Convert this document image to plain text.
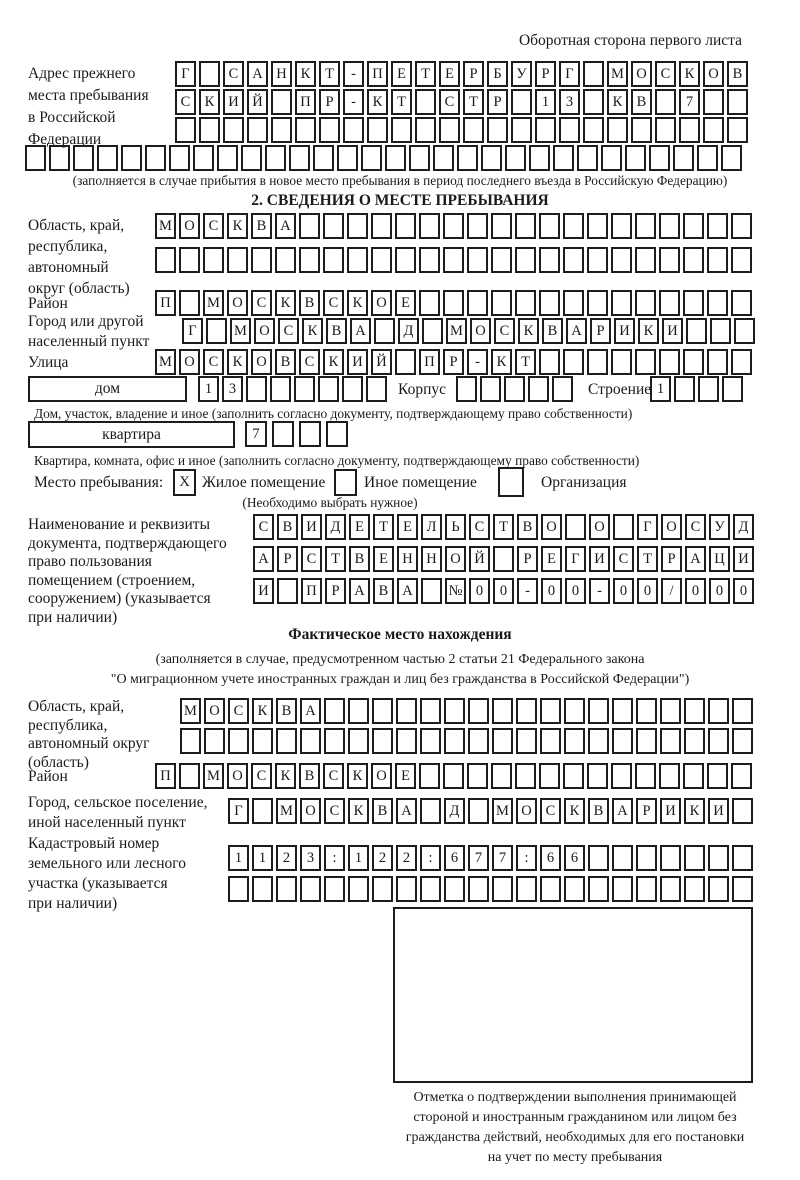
Оборотная сторона первого листа
Адрес прежнего
места пребывания
в Российской
Федерации
Г	С А Н К Т - П Е Т Е Р Б У Р Г	М О С К О В
С К И Й	П Р - К Т	С Т Р	1 3	К В	7
(заполняется в случае прибытия в новое место пребывания в период последнего въезда в Российскую Федерацию)
2. СВЕДЕНИЯ О МЕСТЕ ПРЕБЫВАНИЯ
Область, край,
республика,
автономный
округ (область)
М О С К В А
Район	П	М О С К В С К О Е
Город или другой
населенный пункт
Г	М О С К В А	Д	М О С К В А Р И К И
Улица	М О С К О В С К И Й	П Р - К Т
дом	1 3	Корпус	Строение 1
Дом, участок, владение и иное (заполнить согласно документу, подтверждающему право собственности)
квартира	7
Квартира, комната, офис и иное (заполнить согласно документу, подтверждающему право собственности)
Место пребывания:	X Жилое помещение Иное помещение	Организация
(Необходимо выбрать нужное)
Наименование и реквизиты
документа, подтверждающего
право пользования
помещением (строением,
сооружением) (указывается
при наличии)
С В И Д Е Т Е Л Ь С Т В О	О	Г О С У Д
А Р С Т В Е Н Н О Й	Р Е Г И С Т Р А Ц И
И	П Р А В А № 0 0 - 0 0 - 0 0 / 0 0 0
Фактическое место нахождения
(заполняется в случае, предусмотренном частью 2 статьи 21 Федерального закона
"О миграционном учете иностранных граждан и лиц без гражданства в Российской Федерации")
Область, край,
республика,
автономный округ
(область)
М О С К В А
Район	П	М О С К В С К О Е
Город, сельское поселение,
иной населенный пункт
Г	М О С К В А	Д	М О С К В А Р И К И
Кадастровый номер
земельного или лесного
участка (указывается
при наличии)
1 1 2 3 : 1 2 2 : 6 7 7 : 6 6
Отметка о подтверждении выполнения принимающей
стороной и иностранным гражданином или лицом без
гражданства действий, необходимых для его постановки
на учет по месту пребывания
